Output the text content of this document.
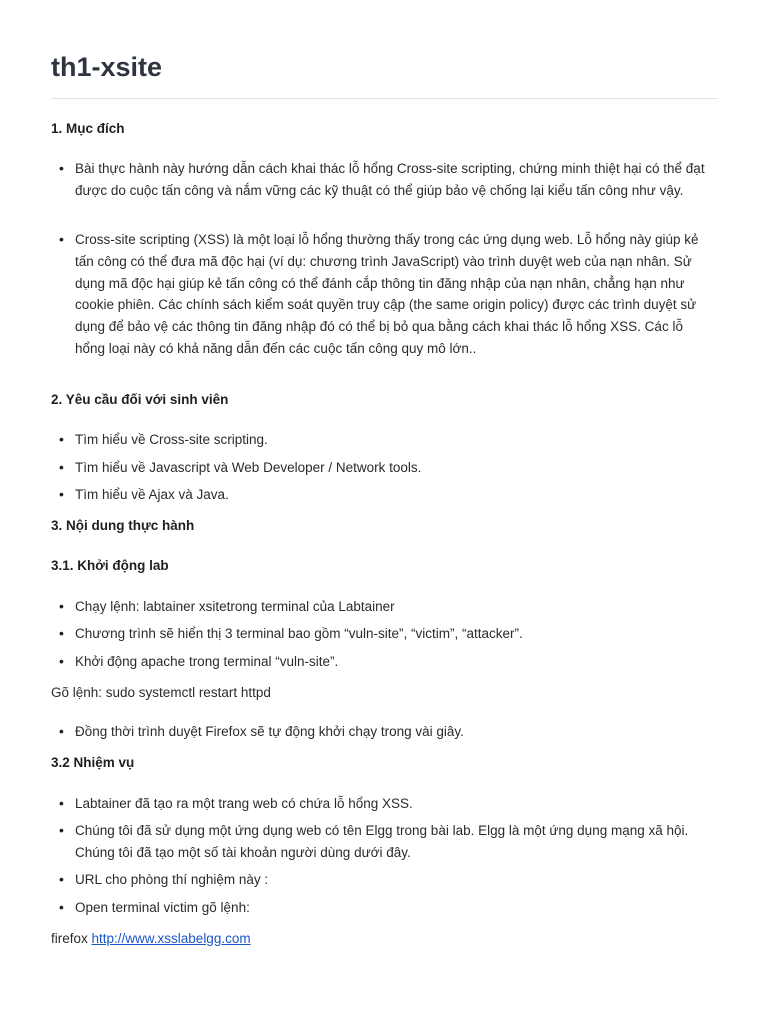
th1-xsite
1. Mục đích
• Bài thực hành này hướng dẫn cách khai thác lỗ hổng Cross-site scripting, chứng minh thiệt hại có thể đạt được do cuộc tấn công và nắm vững các kỹ thuật có thể giúp bảo vệ chống lại kiểu tấn công như vậy.
• Cross-site scripting (XSS) là một loại lỗ hổng thường thấy trong các ứng dụng web. Lỗ hổng này giúp kẻ tấn công có thể đưa mã độc hại (ví dụ: chương trình JavaScript) vào trình duyệt web của nạn nhân. Sử dụng mã độc hại giúp kẻ tấn công có thể đánh cắp thông tin đăng nhập của nạn nhân, chẳng hạn như cookie phiên. Các chính sách kiểm soát quyền truy cập (the same origin policy) được các trình duyệt sử dụng để bảo vệ các thông tin đăng nhập đó có thể bị bỏ qua bằng cách khai thác lỗ hổng XSS. Các lỗ hổng loại này có khả năng dẫn đến các cuộc tấn công quy mô lớn..
2. Yêu cầu đối với sinh viên
• Tìm hiểu về Cross-site scripting.
• Tìm hiểu về Javascript và Web Developer / Network tools.
• Tìm hiểu về Ajax và Java.
3. Nội dung thực hành
3.1. Khởi động lab
• Chạy lệnh: labtainer xsitetrong terminal của Labtainer
• Chương trình sẽ hiển thị 3 terminal bao gồm “vuln-site”, “victim”, “attacker”.
• Khởi động apache trong terminal “vuln-site”.
Gõ lệnh: sudo systemctl restart httpd
• Đồng thời trình duyệt Firefox sẽ tự động khởi chạy trong vài giây.
3.2 Nhiệm vụ
• Labtainer đã tạo ra một trang web có chứa lỗ hổng XSS.
• Chúng tôi đã sử dụng một ứng dụng web có tên Elgg trong bài lab. Elgg là một ứng dụng mạng xã hội. Chúng tôi đã tạo một số tài khoản người dùng dưới đây.
• URL cho phòng thí nghiệm này :
• Open terminal victim gõ lệnh:
firefox http://www.xsslabelgg.com
